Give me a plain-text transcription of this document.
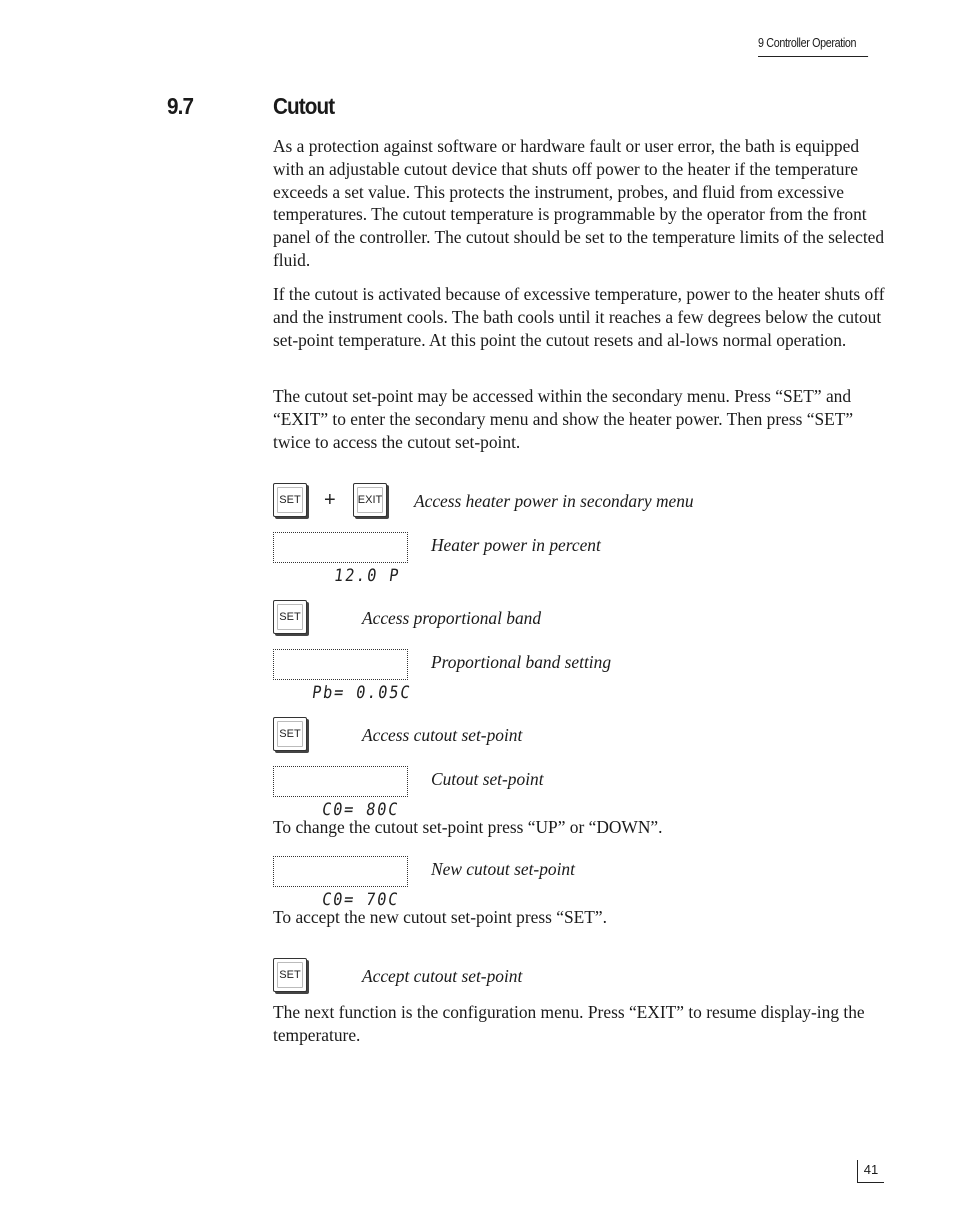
9 Controller Operation
9.7	Cutout

As a protection against software or hardware fault or user error, the bath is equipped with an adjustable cutout device that shuts off power to the heater if the temperature exceeds a set value. This protects the instrument, probes, and fluid from excessive temperatures. The cutout temperature is programmable by the operator from the front panel of the controller. The cutout should be set to the temperature limits of the selected fluid.

If the cutout is activated because of excessive temperature, power to the heater shuts off and the instrument cools. The bath cools until it reaches a few degrees below the cutout set-point temperature. At this point the cutout resets and al-lows normal operation.

The cutout set-point may be accessed within the secondary menu. Press “SET” and “EXIT” to enter the secondary menu and show the heater power. Then press “SET” twice to access the cutout set-point.

SET + EXIT Access heater power in secondary menu

12.0 P

Heater power in percent
SET	Access proportional band

Pb= 0.05C

Proportional band setting
SET	Access cutout set-point

C0= 80C

Cutout set-point

To change the cutout set-point press “UP” or “DOWN”.

C0= 70C

New cutout set-point

To accept the new cutout set-point press “SET”.

SET	Accept cutout set-point

The next function is the configuration menu. Press “EXIT” to resume display-ing the temperature.

41
